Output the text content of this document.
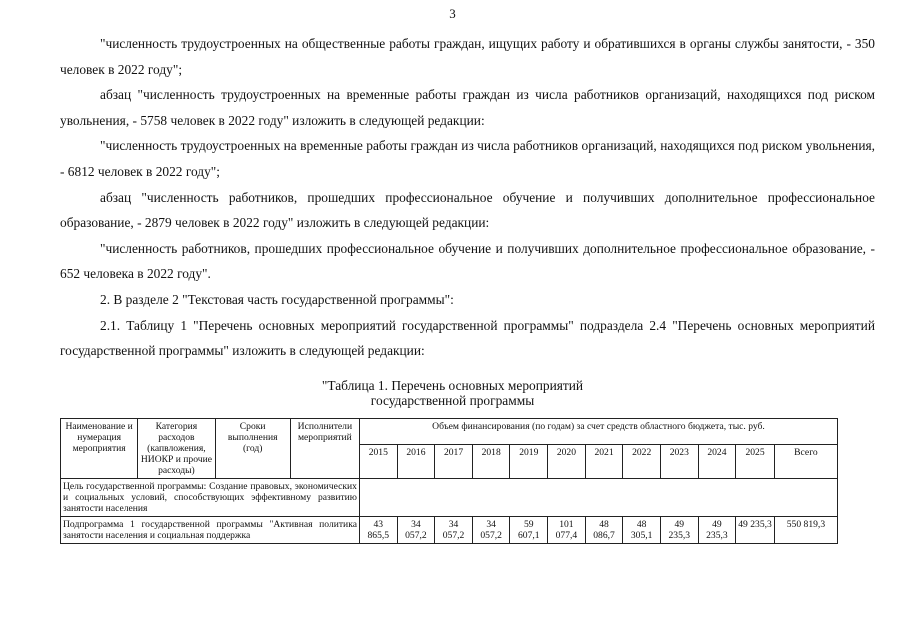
3

"численность трудоустроенных на общественные работы граждан, ищущих работу и обратившихся в органы службы занятости, - 350 человек в 2022 году";

абзац "численность трудоустроенных на временные работы граждан из числа работников организаций, находящихся под риском увольнения, - 5758 человек в 2022 году" изложить в следующей редакции:

"численность трудоустроенных на временные работы граждан из числа работников организаций, находящихся под риском увольнения, - 6812 человек в 2022 году";

абзац "численность работников, прошедших профессиональное обучение и получивших дополнительное профессиональное образование, - 2879 человек в 2022 году" изложить в следующей редакции:

"численность работников, прошедших профессиональное обучение и получивших дополнительное профессиональное образование, - 652 человека в 2022 году".

2. В разделе 2 "Текстовая часть государственной программы":

2.1. Таблицу 1 "Перечень основных мероприятий государственной программы" подраздела 2.4 "Перечень основных мероприятий государственной программы" изложить в следующей редакции:

"Таблица 1. Перечень основных мероприятий
государственной программы
Наименование и нумерация мероприятия	Категория расходов (капвложения, НИОКР и прочие расходы)	Сроки выполнения (год)	Исполнители мероприятий	Объем финансирования (по годам) за счет средств областного бюджета, тыс. руб.											
				2015	2016	2017	2018	2019	2020	2021	2022	2023	2024	2025	Всего
Цель государственной программы: Создание правовых, экономических и социальных условий, способствующих эффективному развитию занятости населения															
Подпрограмма 1 государственной программы "Активная политика занятости населения и социальная поддержка				43 865,5	34 057,2	34 057,2	34 057,2	59 607,1	101 077,4	48 086,7	48 305,1	49 235,3	49 235,3	49 235,3	550 819,3
